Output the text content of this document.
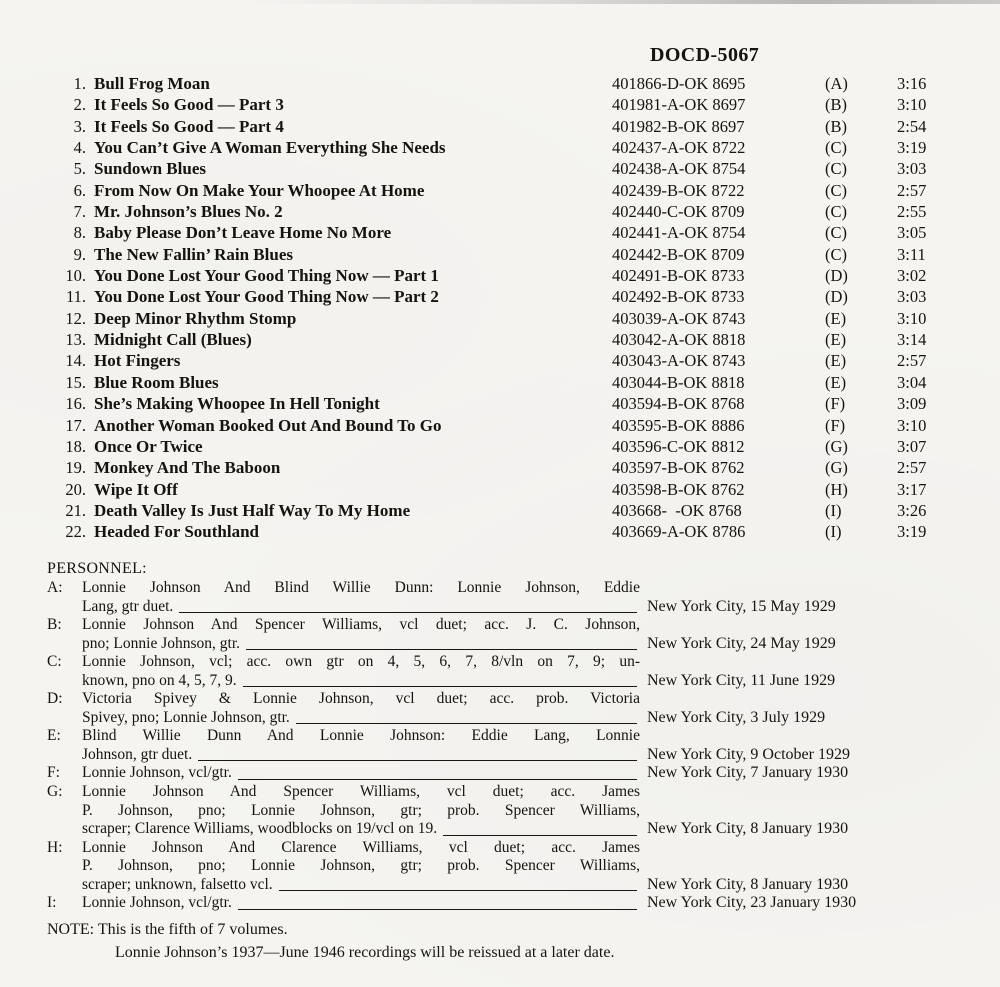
DOCD-5067
1. Bull Frog Moan	401866-D-OK 8695	(A)	3:16
2. It Feels So Good — Part 3	401981-A-OK 8697	(B)	3:10
3. It Feels So Good — Part 4	401982-B-OK 8697	(B)	2:54
4. You Can’t Give A Woman Everything She Needs	402437-A-OK 8722	(C)	3:19
5. Sundown Blues	402438-A-OK 8754	(C)	3:03
6. From Now On Make Your Whoopee At Home	402439-B-OK 8722	(C)	2:57
7. Mr. Johnson’s Blues No. 2	402440-C-OK 8709	(C)	2:55
8. Baby Please Don’t Leave Home No More	402441-A-OK 8754	(C)	3:05
9. The New Fallin’ Rain Blues	402442-B-OK 8709	(C)	3:11
10. You Done Lost Your Good Thing Now — Part 1	402491-B-OK 8733	(D)	3:02
11. You Done Lost Your Good Thing Now — Part 2	402492-B-OK 8733	(D)	3:03
12. Deep Minor Rhythm Stomp	403039-A-OK 8743	(E)	3:10
13. Midnight Call (Blues)	403042-A-OK 8818	(E)	3:14
14. Hot Fingers	403043-A-OK 8743	(E)	2:57
15. Blue Room Blues	403044-B-OK 8818	(E)	3:04
16. She’s Making Whoopee In Hell Tonight	403594-B-OK 8768	(F)	3:09
17. Another Woman Booked Out And Bound To Go	403595-B-OK 8886	(F)	3:10
18. Once Or Twice	403596-C-OK 8812	(G)	3:07
19. Monkey And The Baboon	403597-B-OK 8762	(G)	2:57
20. Wipe It Off	403598-B-OK 8762	(H)	3:17
21. Death Valley Is Just Half Way To My Home	403668-  -OK 8768	(I)	3:26
22. Headed For Southland	403669-A-OK 8786	(I)	3:19
PERSONNEL:
A:	Lonnie Johnson And Blind Willie Dunn: Lonnie Johnson, Eddie
Lang, gtr duet.	New York City, 15 May 1929
B:	Lonnie Johnson And Spencer Williams, vcl duet; acc. J. C. Johnson,
pno; Lonnie Johnson, gtr.	New York City, 24 May 1929
C:	Lonnie Johnson, vcl; acc. own gtr on 4, 5, 6, 7, 8/vln on 7, 9; un-
known, pno on 4, 5, 7, 9.	New York City, 11 June 1929
D:	Victoria Spivey & Lonnie Johnson, vcl duet; acc. prob. Victoria
Spivey, pno; Lonnie Johnson, gtr.	New York City, 3 July 1929
E:	Blind Willie Dunn And Lonnie Johnson: Eddie Lang, Lonnie
Johnson, gtr duet.	New York City, 9 October 1929
F:	Lonnie Johnson, vcl/gtr.	New York City, 7 January 1930
G:	Lonnie Johnson And Spencer Williams, vcl duet; acc. James
P. Johnson, pno; Lonnie Johnson, gtr; prob. Spencer Williams,
scraper; Clarence Williams, woodblocks on 19/vcl on 19.	New York City, 8 January 1930
H:	Lonnie Johnson And Clarence Williams, vcl duet; acc. James
P. Johnson, pno; Lonnie Johnson, gtr; prob. Spencer Williams,
scraper; unknown, falsetto vcl.	New York City, 8 January 1930
I:	Lonnie Johnson, vcl/gtr.	New York City, 23 January 1930
NOTE: This is the fifth of 7 volumes.
Lonnie Johnson’s 1937—June 1946 recordings will be reissued at a later date.
